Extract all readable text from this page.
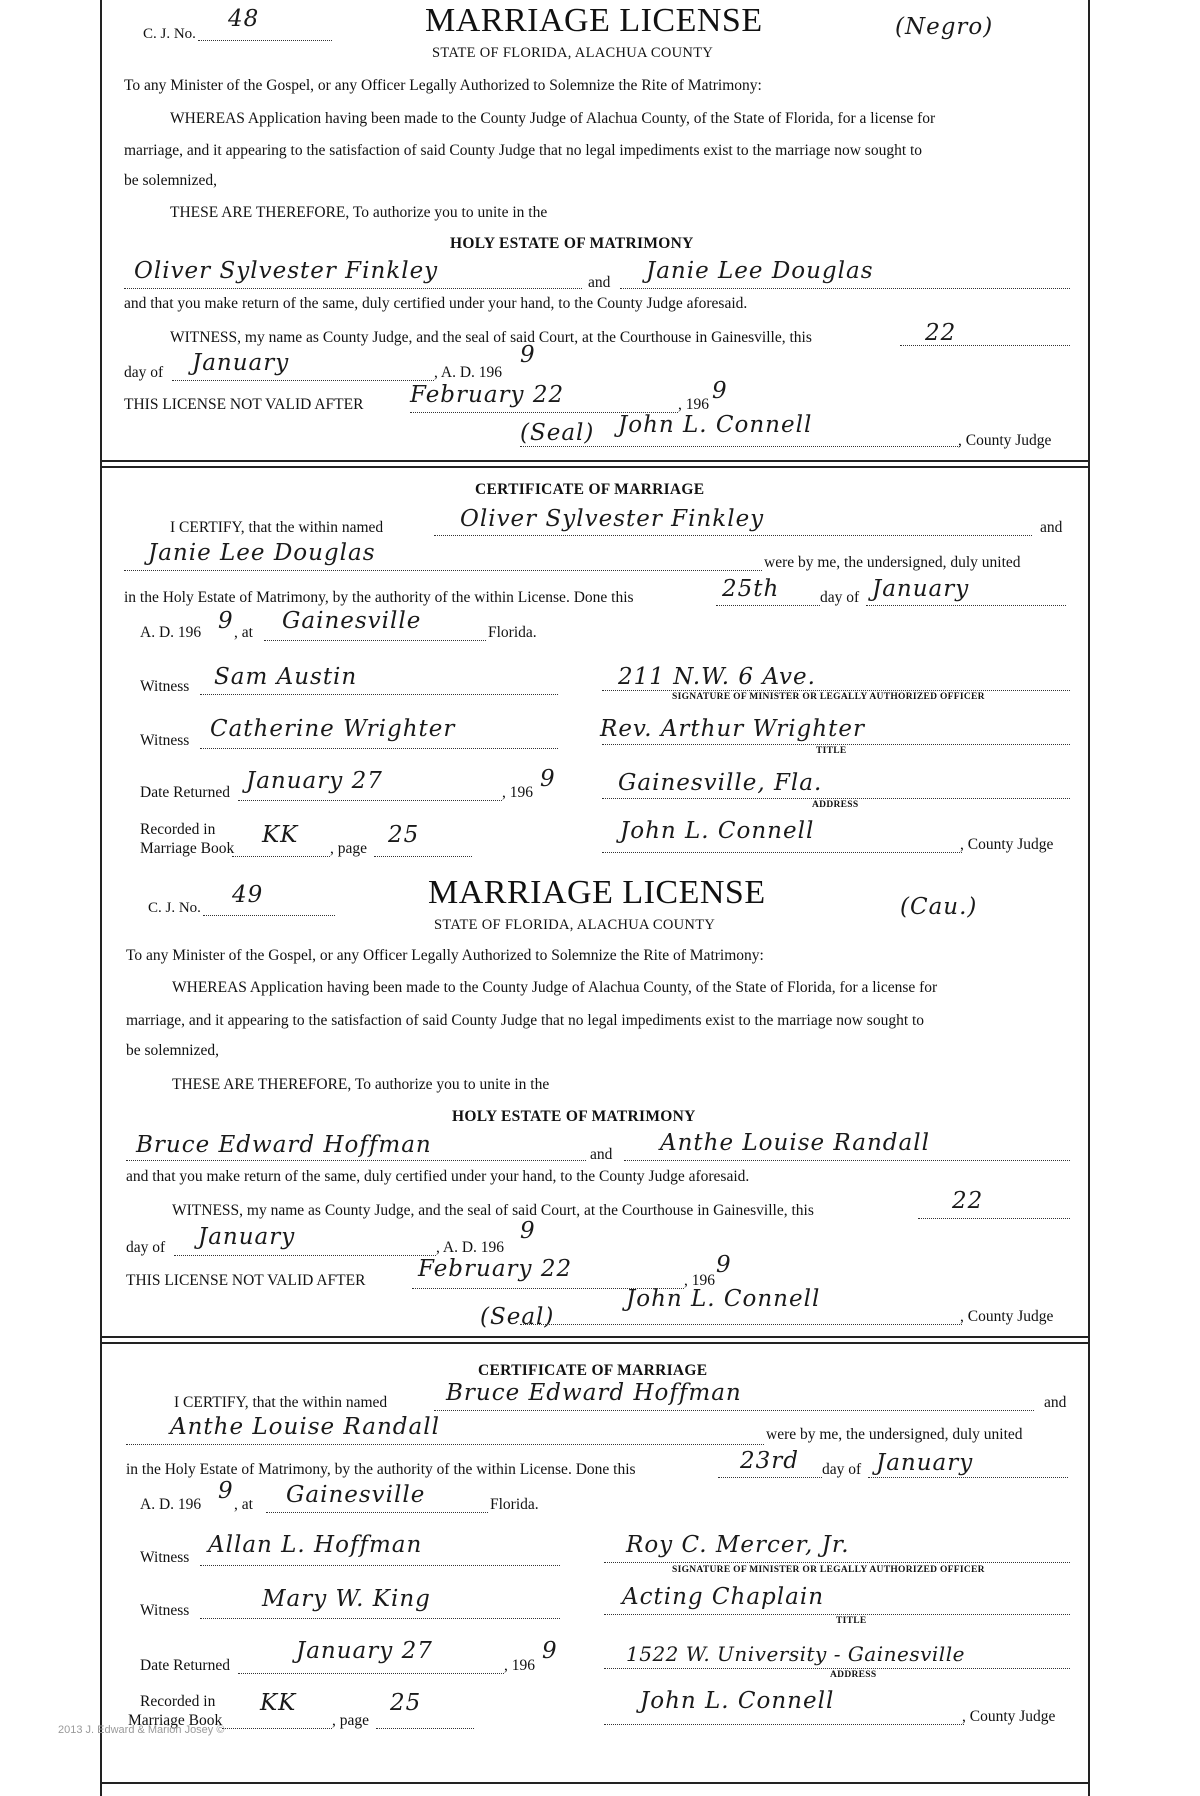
C. J. No.
48	MARRIAGE LICENSE
STATE OF FLORIDA, ALACHUA COUNTY
(Negro)
To any Minister of the Gospel, or any Officer Legally Authorized to Solemnize the Rite of Matrimony:
WHEREAS Application having been made to the County Judge of Alachua County, of the State of Florida, for a license for
marriage, and it appearing to the satisfaction of said County Judge that no legal impediments exist to the marriage now sought to
be solemnized,
THESE ARE THEREFORE, To authorize you to unite in the
HOLY ESTATE OF MATRIMONY
Oliver Sylvester Finkley	and Janie Lee Douglas
and that you make return of the same, duly certified under your hand, to the County Judge aforesaid.
WITNESS, my name as County Judge, and the seal of said Court, at the Courthouse in Gainesville, this	22
day of January	, A. D. 196
9
THIS LICENSE NOT VALID AFTER February 22	, 196
9
(Seal) John L. Connell
, County Judge
CERTIFICATE OF MARRIAGE
I CERTIFY, that the within named	Oliver Sylvester Finkley	and
Janie Lee Douglas	were by me, the undersigned, duly united
in the Holy Estate of Matrimony, by the authority of the within License. Done this	25th	day of January
A. D. 196 9 , at Gainesville	Florida.
Witness Sam Austin	211 N.W. 6 Ave.
SIGNATURE OF MINISTER OR LEGALLY AUTHORIZED OFFICER
Witness Catherine Wrighter	Rev. Arthur Wrighter
TITLE
Date Returned January 27	, 196
9	Gainesville, Fla.
ADDRESS
Recorded in
Marriage Book
KK
, page
25	John L. Connell
, County Judge
C. J. No. 49	MARRIAGE LICENSE
STATE OF FLORIDA, ALACHUA COUNTY
(Cau.)
To any Minister of the Gospel, or any Officer Legally Authorized to Solemnize the Rite of Matrimony:
WHEREAS Application having been made to the County Judge of Alachua County, of the State of Florida, for a license for
marriage, and it appearing to the satisfaction of said County Judge that no legal impediments exist to the marriage now sought to
be solemnized,
THESE ARE THEREFORE, To authorize you to unite in the
HOLY ESTATE OF MATRIMONY
Bruce Edward Hoffman	and Anthe Louise Randall
and that you make return of the same, duly certified under your hand, to the County Judge aforesaid.
WITNESS, my name as County Judge, and the seal of said Court, at the Courthouse in Gainesville, this	22
day of January	, A. D. 196
9
THIS LICENSE NOT VALID AFTER February 22	, 196
9
(Seal)
John L. Connell
, County Judge
CERTIFICATE OF MARRIAGE
I CERTIFY, that the within named	Bruce Edward Hoffman	and
Anthe Louise Randall	were by me, the undersigned, duly united
in the Holy Estate of Matrimony, by the authority of the within License. Done this	23rd day of January
A. D. 196
9
, at Gainesville	Florida.
Witness Allan L. Hoffman	Roy C. Mercer, Jr.
SIGNATURE OF MINISTER OR LEGALLY AUTHORIZED OFFICER
Witness	Mary W. King	Acting Chaplain
TITLE
Date Returned
January 27
, 196
9	1522 W. University - Gainesville
ADDRESS
Recorded in
Marriage Book
KK
, page
25	John L. Connell
, County Judge
2013 J. Edward & Marion Josey ©
